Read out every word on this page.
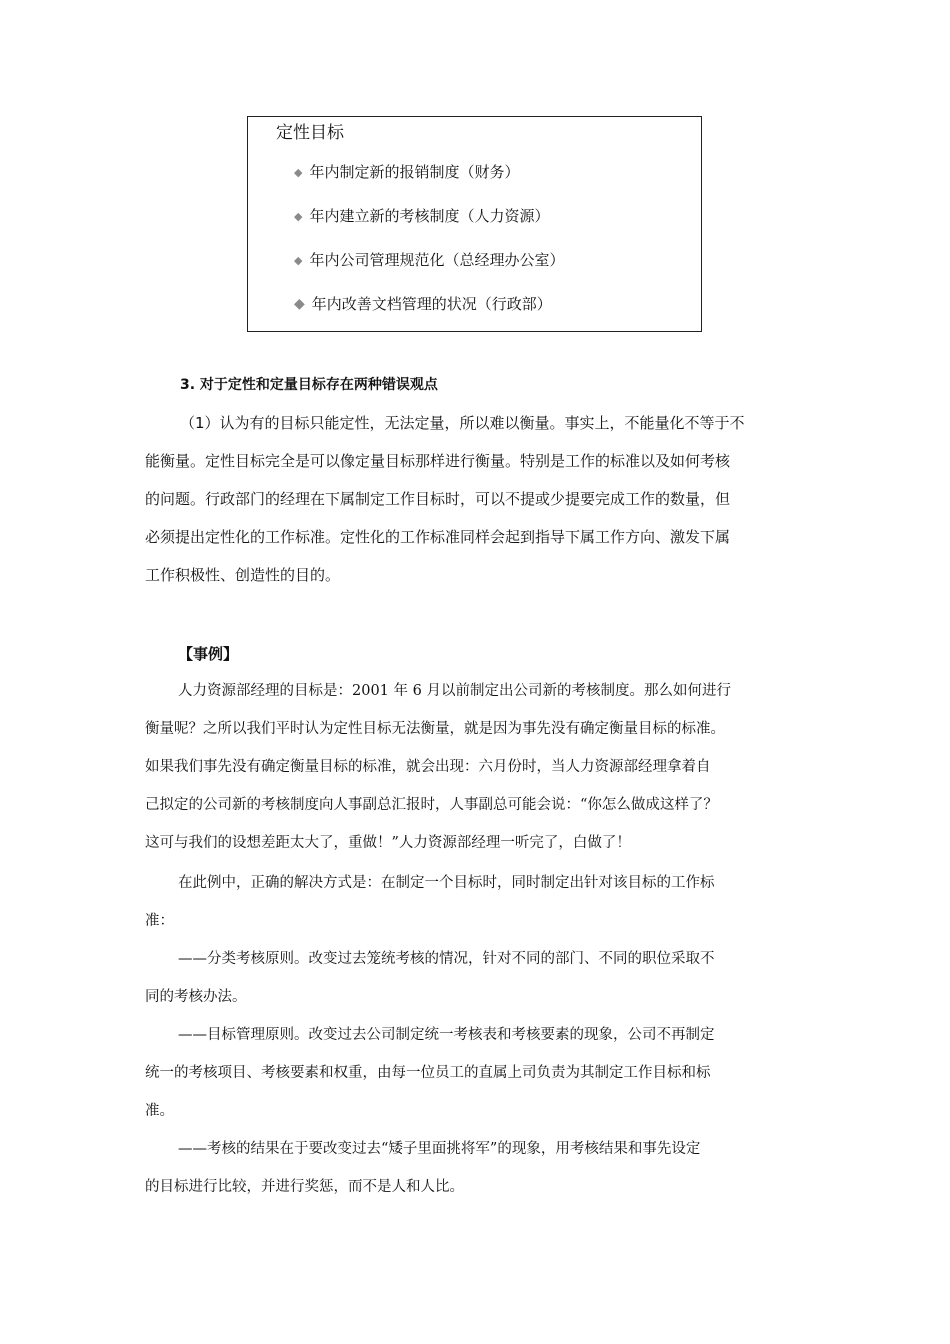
定性目标
◆ 年内制定新的报销制度（财务）
◆ 年内建立新的考核制度（人力资源）
◆ 年内公司管理规范化（总经理办公室）
◆ 年内改善文档管理的状况（行政部）
3. 对于定性和定量目标存在两种错误观点
（1）认为有的目标只能定性，无法定量，所以难以衡量。事实上，不能量化不等于不
能衡量。定性目标完全是可以像定量目标那样进行衡量。特别是工作的标准以及如何考核
的问题。行政部门的经理在下属制定工作目标时，可以不提或少提要完成工作的数量，但
必须提出定性化的工作标准。定性化的工作标准同样会起到指导下属工作方向、激发下属
工作积极性、创造性的目的。
【事例】
人力资源部经理的目标是：2001 年 6 月以前制定出公司新的考核制度。那么如何进行
衡量呢？之所以我们平时认为定性目标无法衡量，就是因为事先没有确定衡量目标的标准。
如果我们事先没有确定衡量目标的标准，就会出现：六月份时，当人力资源部经理拿着自
己拟定的公司新的考核制度向人事副总汇报时，人事副总可能会说：“你怎么做成这样了？
这可与我们的设想差距太大了，重做！”人力资源部经理一听完了，白做了！
在此例中，正确的解决方式是：在制定一个目标时，同时制定出针对该目标的工作标
准：
——分类考核原则。改变过去笼统考核的情况，针对不同的部门、不同的职位采取不
同的考核办法。
——目标管理原则。改变过去公司制定统一考核表和考核要素的现象，公司不再制定
统一的考核项目、考核要素和权重，由每一位员工的直属上司负责为其制定工作目标和标
准。
——考核的结果在于要改变过去“矮子里面挑将军”的现象，用考核结果和事先设定
的目标进行比较，并进行奖惩，而不是人和人比。
